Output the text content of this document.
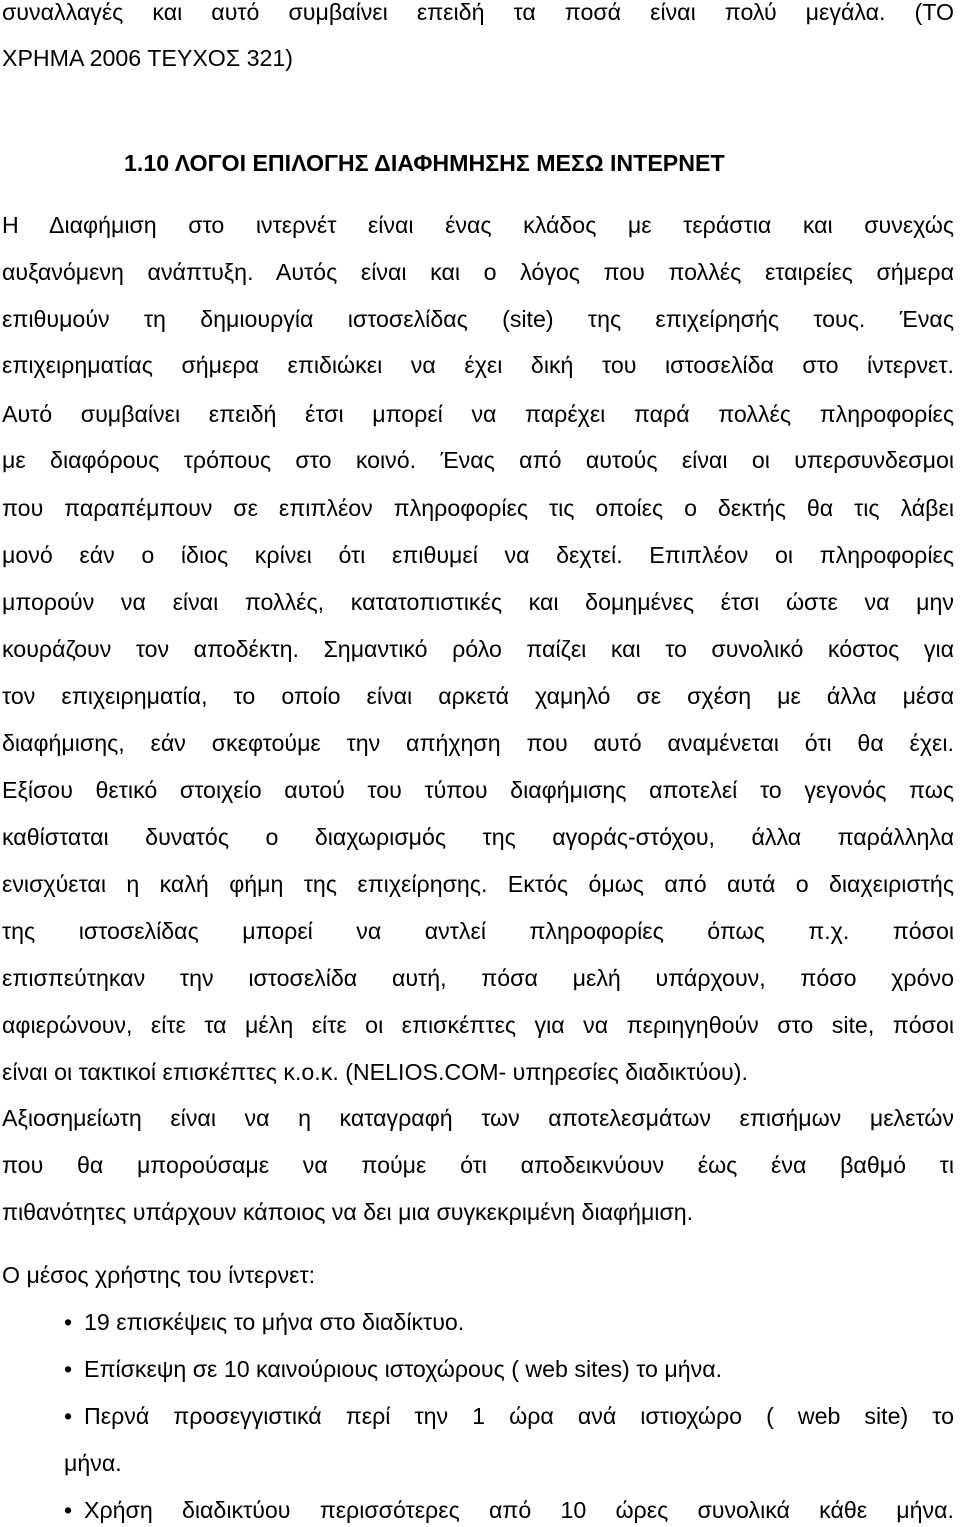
συναλλαγές και αυτό συμβαίνει επειδή τα ποσά είναι πολύ μεγάλα. (ΤΟ
ΧΡΗΜΑ 2006 ΤΕΥΧΟΣ 321)
1.10 ΛΟΓΟΙ ΕΠΙΛΟΓΗΣ ΔΙΑΦΗΜΗΣΗΣ ΜΕΣΩ ΙΝΤΕΡΝΕΤ
Η Διαφήμιση στο ιντερνέτ είναι ένας κλάδος με τεράστια και συνεχώς
αυξανόμενη ανάπτυξη. Αυτός είναι και ο λόγος που πολλές εταιρείες σήμερα
επιθυμούν τη δημιουργία ιστοσελίδας (site) της επιχείρησής τους. Ένας
επιχειρηματίας σήμερα επιδιώκει να έχει δική του ιστοσελίδα στο ίντερνετ.
Αυτό συμβαίνει επειδή έτσι μπορεί να παρέχει παρά πολλές πληροφορίες
με διαφόρους τρόπους στο κοινό. Ένας από αυτούς είναι οι υπερσυνδεσμοι
που παραπέμπουν σε επιπλέον πληροφορίες τις οποίες ο δεκτής θα τις λάβει
μονό εάν ο ίδιος κρίνει ότι επιθυμεί να δεχτεί. Επιπλέον οι πληροφορίες
μπορούν να είναι πολλές, κατατοπιστικές και δομημένες έτσι ώστε να μην
κουράζουν τον αποδέκτη. Σημαντικό ρόλο παίζει και το συνολικό κόστος για
τον επιχειρηματία, το οποίο είναι αρκετά χαμηλό σε σχέση με άλλα μέσα
διαφήμισης, εάν σκεφτούμε την απήχηση που αυτό αναμένεται ότι θα έχει.
Εξίσου θετικό στοιχείο αυτού του τύπου διαφήμισης αποτελεί το γεγονός πως
καθίσταται δυνατός ο διαχωρισμός της αγοράς-στόχου, άλλα παράλληλα
ενισχύεται η καλή φήμη της επιχείρησης. Εκτός όμως από αυτά ο διαχειριστής
της ιστοσελίδας μπορεί να αντλεί πληροφορίες όπως π.χ. πόσοι
επισπεύτηκαν την ιστοσελίδα αυτή, πόσα μελή υπάρχουν, πόσο χρόνο
αφιερώνουν, είτε τα μέλη είτε οι επισκέπτες για να περιηγηθούν στο site, πόσοι
είναι οι τακτικοί επισκέπτες κ.ο.κ. (NELIOS.COM- υπηρεσίες διαδικτύου).
Αξιοσημείωτη είναι να η καταγραφή των αποτελεσμάτων επισήμων μελετών
που θα μπορούσαμε να πούμε ότι αποδεικνύουν έως ένα βαθμό τι
πιθανότητες υπάρχουν κάποιος να δει μια συγκεκριμένη διαφήμιση.
Ο μέσος χρήστης του ίντερνετ:
• 19 επισκέψεις το μήνα στο διαδίκτυο.
• Επίσκεψη σε 10 καινούριους ιστοχώρους ( web sites) το μήνα.
• Περνά προσεγγιστικά περί την 1 ώρα ανά ιστιοχώρο ( web site) το
μήνα.
• Χρήση διαδικτύου περισσότερες από 10 ώρες συνολικά κάθε μήνα.
